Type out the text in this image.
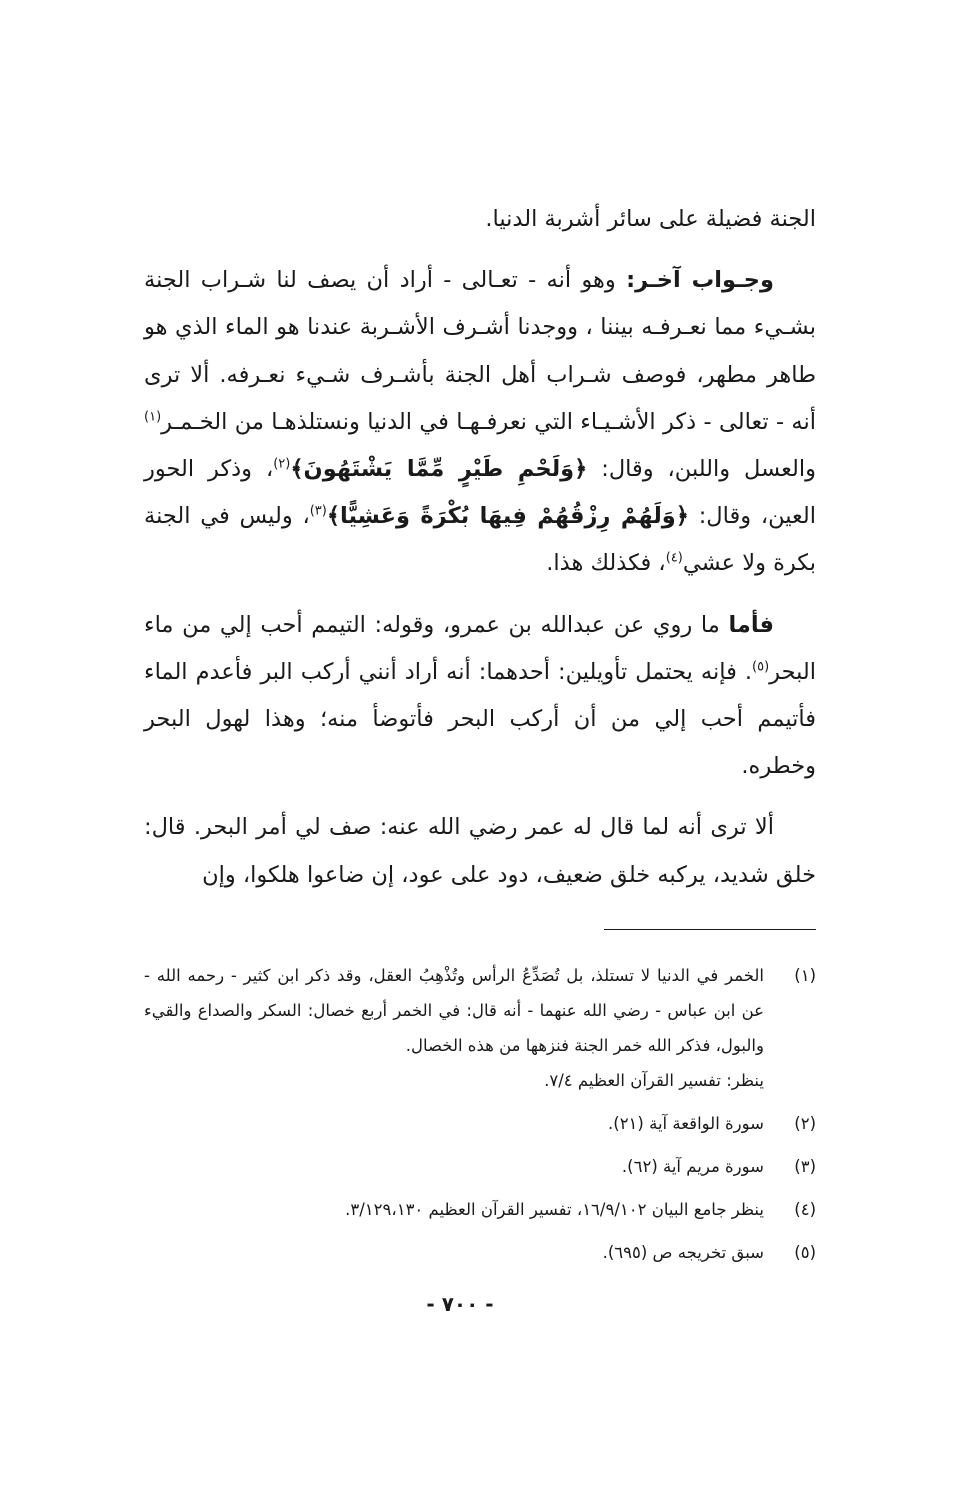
الجنة فضيلة على سائر أشربة الدنيا.

وجـواب آخـر: وهو أنه - تعـالى - أراد أن يصف لنا شـراب الجنة بشـيء مما نعـرفـه بيننا ، ووجدنا أشـرف الأشـربة عندنا هو الماء الذي هو طاهر مطهر، فوصف شـراب أهل الجنة بأشـرف شـيء نعـرفه. ألا ترى أنه - تعالى - ذكر الأشـيـاء التي نعرفـهـا في الدنيا ونستلذهـا من الخـمـر$^{(١)}$ والعسل واللبن، وقال: ﴿وَلَحْمِ طَيْرٍ مِّمَّا يَشْتَهُونَ﴾$^{(٢)}$، وذكر الحور العين، وقال: ﴿وَلَهُمْ رِزْقُهُمْ فِيهَا بُكْرَةً وَعَشِيًّا﴾$^{(٣)}$، وليس في الجنة بكرة ولا عشي$^{(٤)}$، فكذلك هذا.

فأما ما روي عن عبدالله بن عمرو، وقوله: التيمم أحب إلي من ماء البحر$^{(٥)}$. فإنه يحتمل تأويلين: أحدهما: أنه أراد أنني أركب البر فأعدم الماء فأتيمم أحب إلي من أن أركب البحر فأتوضأ منه؛ وهذا لهول البحر وخطره.

ألا ترى أنه لما قال له عمر رضي الله عنه: صف لي أمر البحر. قال: خلق شديد، يركبه خلق ضعيف، دود على عود، إن ضاعوا هلكوا، وإن

(١)
الخمر في الدنيا لا تستلذ، بل تُصَدِّعُ الرأس وتُذْهِبُ العقل، وقد ذكر ابن كثير - رحمه الله - عن ابن عباس - رضي الله عنهما - أنه قال: في الخمر أربع خصال: السكر والصداع والقيء والبول، فذكر الله خمر الجنة فنزهها من هذه الخصال.
ينظر: تفسير القرآن العظيم ٧/٤.
(٢)
سورة الواقعة آية (٢١).
(٣)
سورة مريم آية (٦٢).
(٤)
ينظر جامع البيان ١٦/٩/١٠٢، تفسير القرآن العظيم ٣/١٢٩،١٣٠.
(٥)
سبق تخريجه ص (٦٩٥).
- ٧٠٠ -
